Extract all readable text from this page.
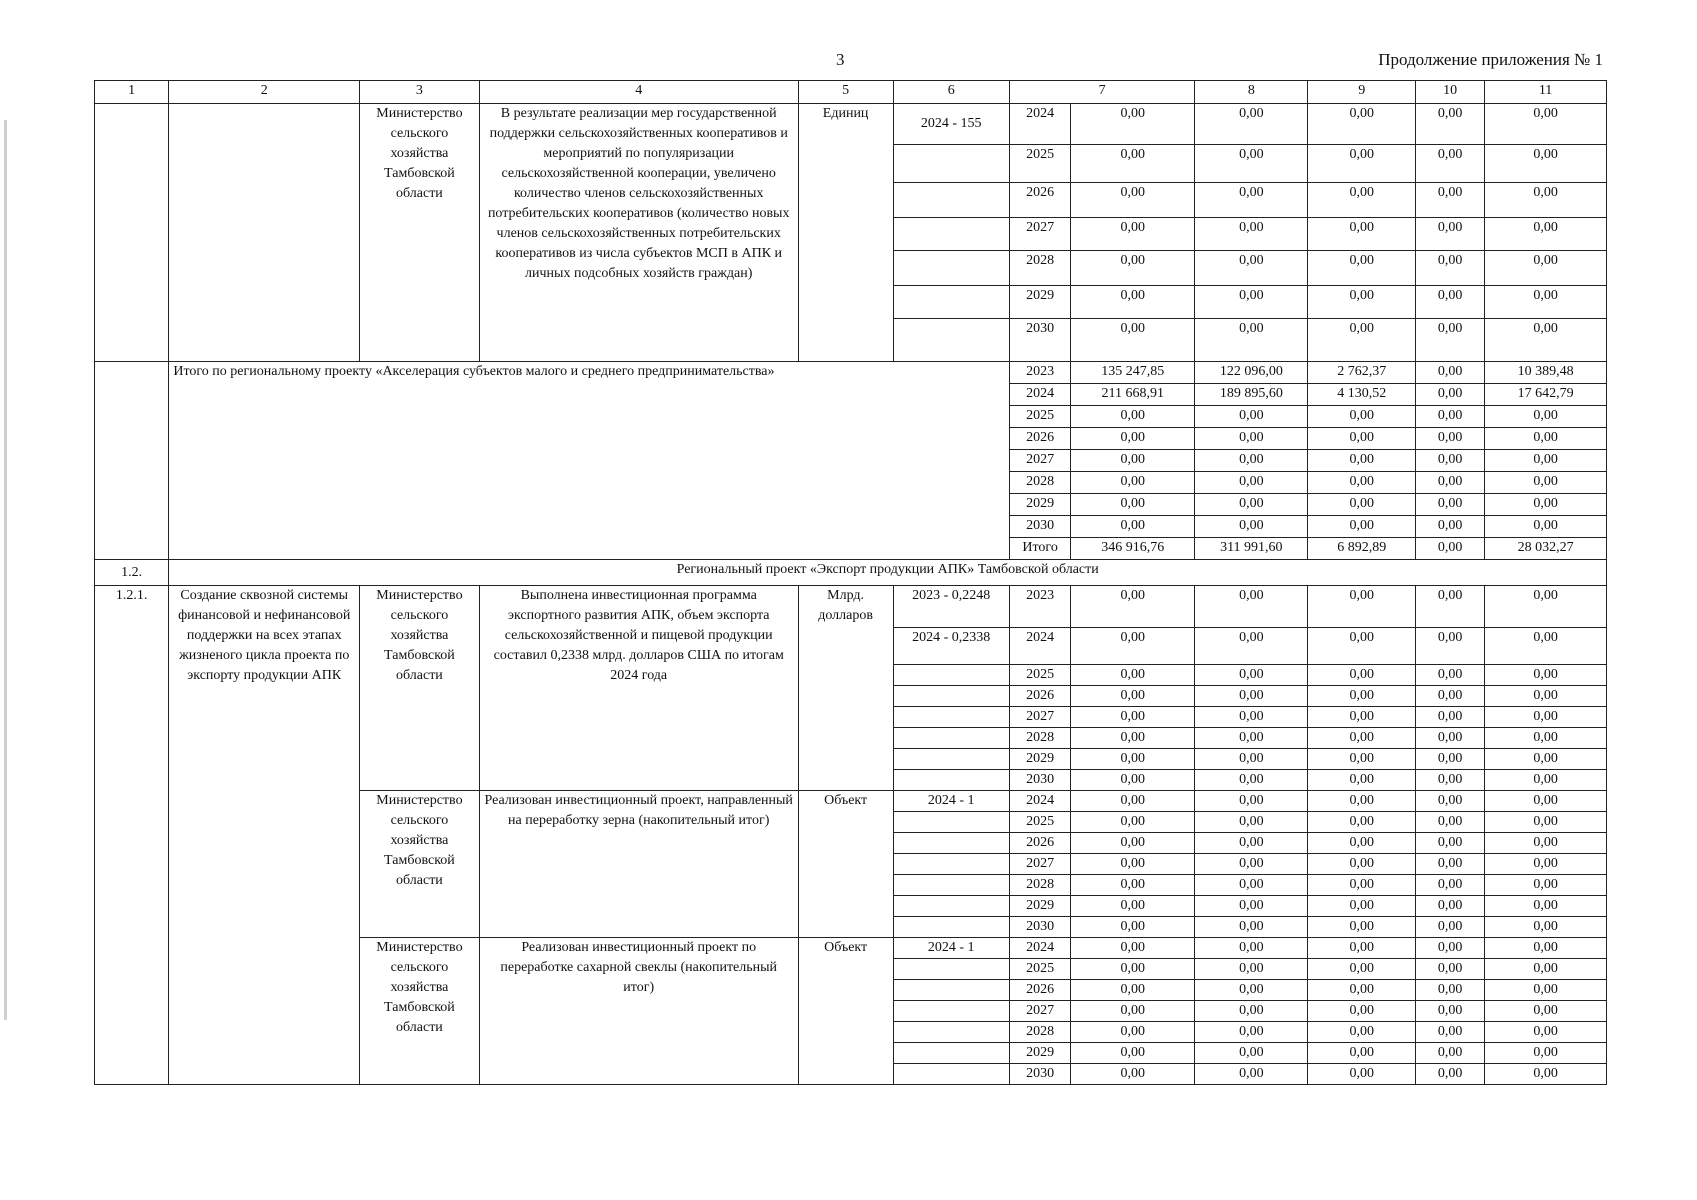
3	Продолжение приложения № 1
1	2	3	4	5	6	7		8	9	10	11
		Министерство сельского хозяйства Тамбовской области	В результате реализации мер государственной поддержки сельскохозяйственных кооперативов и мероприятий по популяризации сельскохозяйственной кооперации, увеличено количество членов сельскохозяйственных потребительских кооперативов (количество новых членов сельскохозяйственных потребительских кооперативов из числа субъектов МСП в АПК и личных подсобных хозяйств граждан)	Единиц	2024 - 155	2024	0,00	0,00	0,00	0,00	0,00
						2025	0,00	0,00	0,00	0,00	0,00
						2026	0,00	0,00	0,00	0,00	0,00
						2027	0,00	0,00	0,00	0,00	0,00
						2028	0,00	0,00	0,00	0,00	0,00
						2029	0,00	0,00	0,00	0,00	0,00
						2030	0,00	0,00	0,00	0,00	0,00
	Итого по региональному проекту «Акселерация субъектов малого и среднего предпринимательства»					2023	135 247,85	122 096,00	2 762,37	0,00	10 389,48
						2024	211 668,91	189 895,60	4 130,52	0,00	17 642,79
						2025	0,00	0,00	0,00	0,00	0,00
						2026	0,00	0,00	0,00	0,00	0,00
						2027	0,00	0,00	0,00	0,00	0,00
						2028	0,00	0,00	0,00	0,00	0,00
						2029	0,00	0,00	0,00	0,00	0,00
						2030	0,00	0,00	0,00	0,00	0,00
						Итого	346 916,76	311 991,60	6 892,89	0,00	28 032,27
1.2.	Региональный проект «Экспорт продукции АПК» Тамбовской области										
1.2.1.	Создание сквозной системы финансовой и нефинансовой поддержки на всех этапах жизненого цикла проекта по экспорту продукции АПК	Министерство сельского хозяйства Тамбовской области	Выполнена инвестиционная программа экспортного развития АПК, объем экспорта сельскохозяйственной и пищевой продукции составил 0,2338 млрд. долларов США по итогам 2024 года	Млрд. долларов	2023 - 0,2248	2023	0,00	0,00	0,00	0,00	0,00
					2024 - 0,2338	2024	0,00	0,00	0,00	0,00	0,00
						2025	0,00	0,00	0,00	0,00	0,00
						2026	0,00	0,00	0,00	0,00	0,00
						2027	0,00	0,00	0,00	0,00	0,00
						2028	0,00	0,00	0,00	0,00	0,00
						2029	0,00	0,00	0,00	0,00	0,00
						2030	0,00	0,00	0,00	0,00	0,00
		Министерство сельского хозяйства Тамбовской области	Реализован инвестиционный проект, направленный на переработку зерна (накопительный итог)	Объект	2024 - 1	2024	0,00	0,00	0,00	0,00	0,00
						2025	0,00	0,00	0,00	0,00	0,00
						2026	0,00	0,00	0,00	0,00	0,00
						2027	0,00	0,00	0,00	0,00	0,00
						2028	0,00	0,00	0,00	0,00	0,00
						2029	0,00	0,00	0,00	0,00	0,00
						2030	0,00	0,00	0,00	0,00	0,00
		Министерство сельского хозяйства Тамбовской области	Реализован инвестиционный проект по переработке сахарной свеклы (накопительный итог)	Объект	2024 - 1	2024	0,00	0,00	0,00	0,00	0,00
						2025	0,00	0,00	0,00	0,00	0,00
						2026	0,00	0,00	0,00	0,00	0,00
						2027	0,00	0,00	0,00	0,00	0,00
						2028	0,00	0,00	0,00	0,00	0,00
						2029	0,00	0,00	0,00	0,00	0,00
						2030	0,00	0,00	0,00	0,00	0,00
